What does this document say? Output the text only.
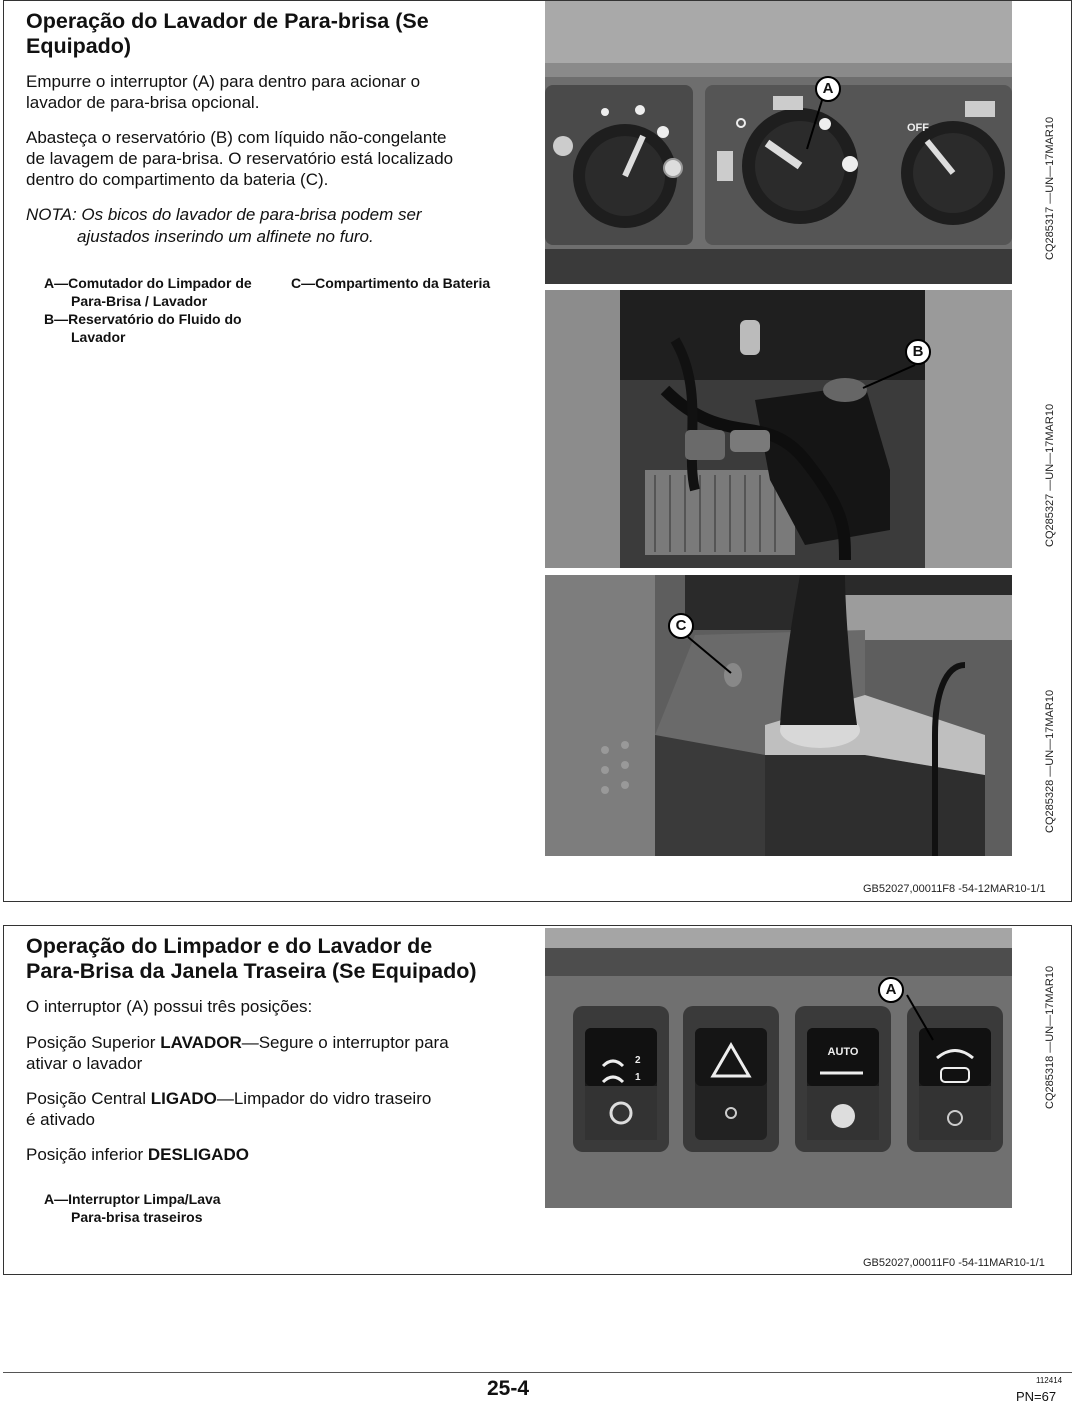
Operação do Lavador de Para-brisa (Se
Equipado)
Empurre o interruptor (A) para dentro para acionar o
lavador de para-brisa opcional.
Abasteça o reservatório (B) com líquido não-congelante
de lavagem de para-brisa. O reservatório está localizado
dentro do compartimento da bateria (C).
NOTA: Os bicos do lavador de para-brisa podem ser
ajustados inserindo um alfinete no furo.
A—Comutador do Limpador de
Para-Brisa / Lavador
B—Reservatório do Fluido do
Lavador
C—Compartimento da Bateria
OFF
A
B
C
CQ285317 —UN—17MAR10
CQ285327 —UN—17MAR10
CQ285328 —UN—17MAR10
GB52027,00011F8 -54-12MAR10-1/1
Operação do Limpador e do Lavador de
Para-Brisa da Janela Traseira (Se Equipado)
O interruptor (A) possui três posições:
Posição Superior LAVADOR—Segure o interruptor para
ativar o lavador
Posição Central LIGADO—Limpador do vidro traseiro
é ativado
Posição inferior DESLIGADO
A—Interruptor Limpa/Lava
Para-brisa traseiros
2
1
AUTO
A	CQ285318 —UN—17MAR10
GB52027,00011F0 -54-11MAR10-1/1
25-4	112414
PN=67
